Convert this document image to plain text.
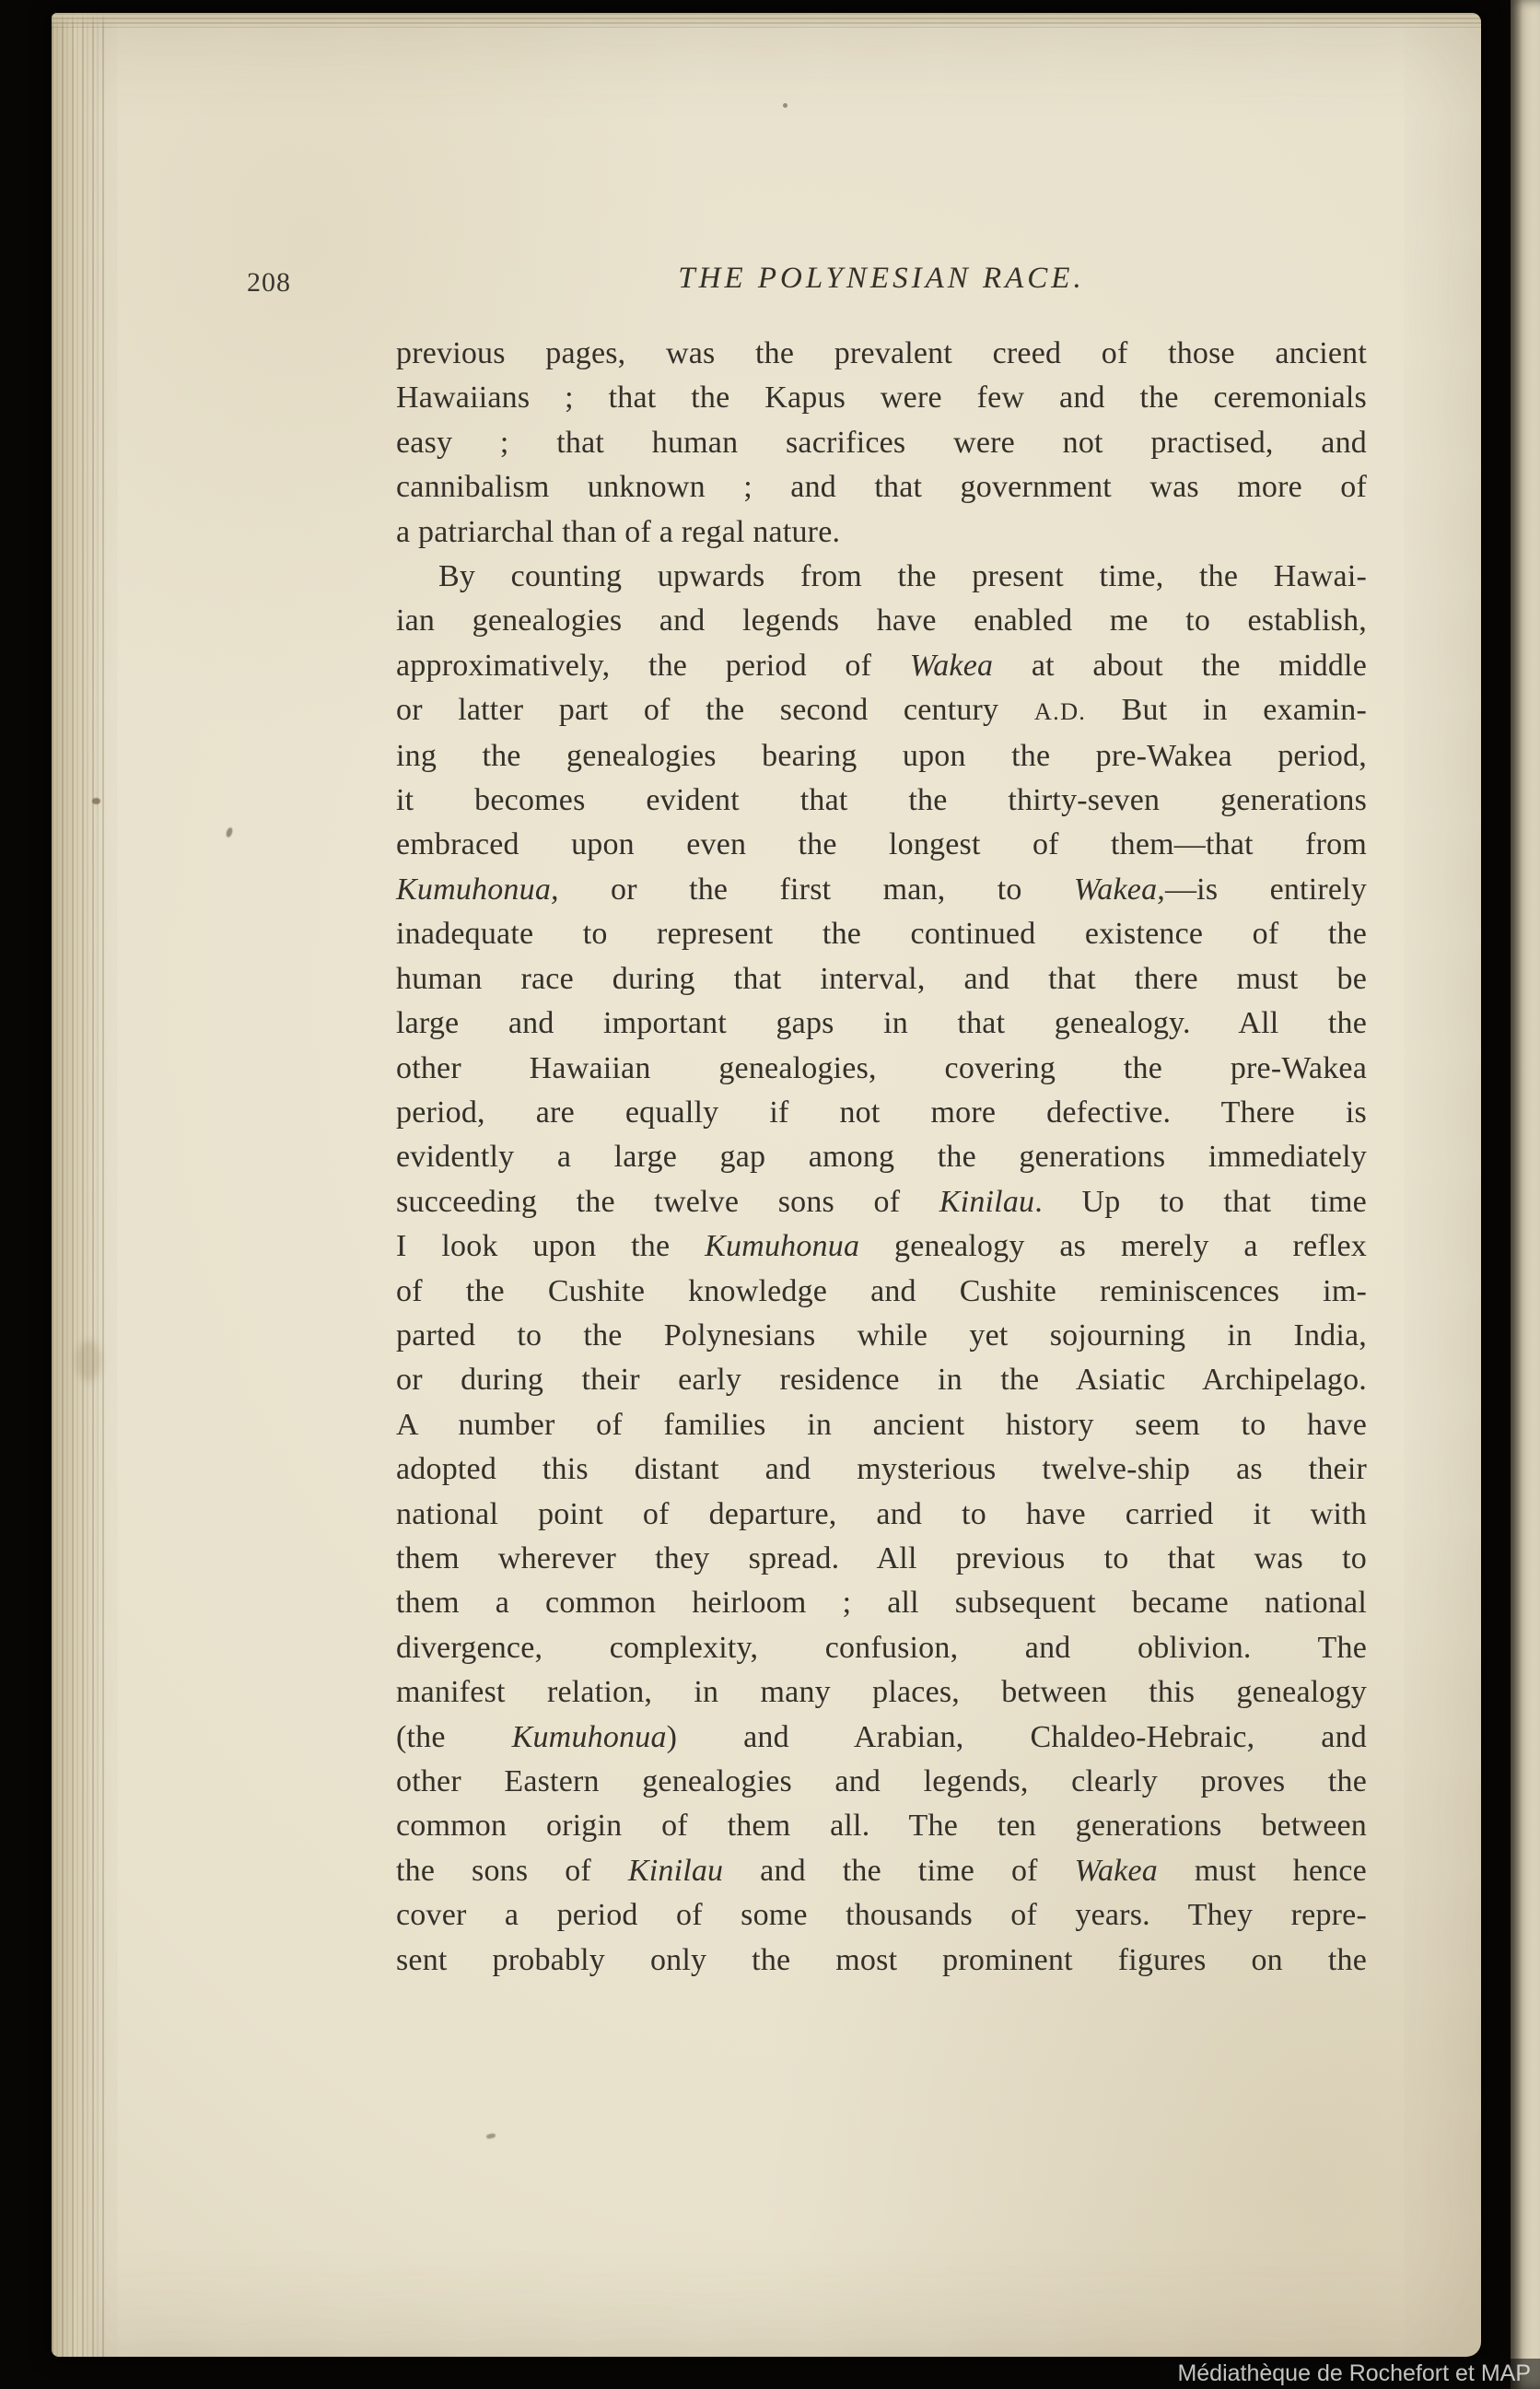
208	THE POLYNESIAN RACE.
previous pages, was the prevalent creed of those ancient
Hawaiians ; that the Kapus were few and the ceremonials
easy ; that human sacrifices were not practised, and
cannibalism unknown ; and that government was more of
a patriarchal than of a regal nature.
By counting upwards from the present time, the Hawai-
ian genealogies and legends have enabled me to establish,
approximatively, the period of Wakea at about the middle
or latter part of the second century A.D. But in examin-
ing the genealogies bearing upon the pre-Wakea period,
it becomes evident that the thirty-seven generations
embraced upon even the longest of them—that from
Kumuhonua, or the first man, to Wakea,—is entirely
inadequate to represent the continued existence of the
human race during that interval, and that there must be
large and important gaps in that genealogy. All the
other Hawaiian genealogies, covering the pre-Wakea
period, are equally if not more defective. There is
evidently a large gap among the generations immediately
succeeding the twelve sons of Kinilau. Up to that time
I look upon the Kumuhonua genealogy as merely a reflex
of the Cushite knowledge and Cushite reminiscences im-
parted to the Polynesians while yet sojourning in India,
or during their early residence in the Asiatic Archipelago.
A number of families in ancient history seem to have
adopted this distant and mysterious twelve-ship as their
national point of departure, and to have carried it with
them wherever they spread. All previous to that was to
them a common heirloom ; all subsequent became national
divergence, complexity, confusion, and oblivion. The
manifest relation, in many places, between this genealogy
(the Kumuhonua) and Arabian, Chaldeo-Hebraic, and
other Eastern genealogies and legends, clearly proves the
common origin of them all. The ten generations between
the sons of Kinilau and the time of Wakea must hence
cover a period of some thousands of years. They repre-
sent probably only the most prominent figures on the
Médiathèque de Rochefort et MAP
